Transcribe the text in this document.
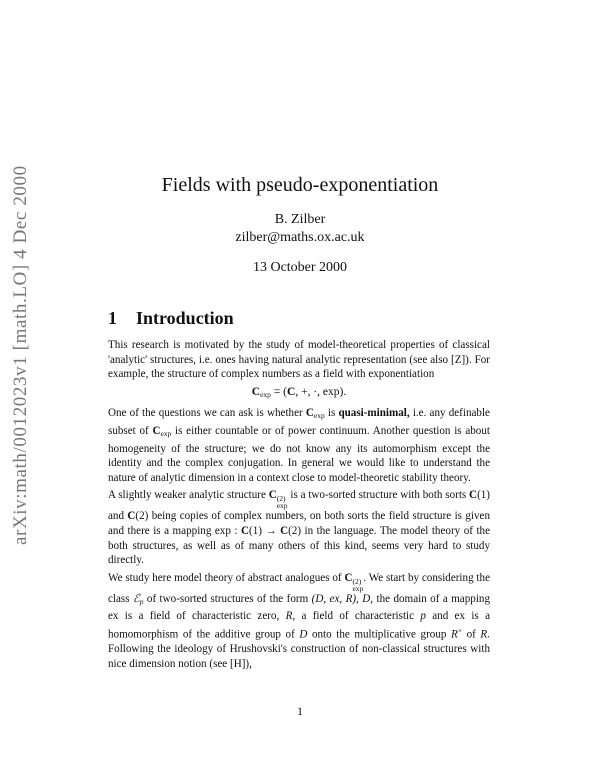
arXiv:math/0012023v1 [math.LO] 4 Dec 2000	Fields with pseudo-exponentiation
B. Zilber
zilber@maths.ox.ac.uk
13 October 2000
1 Introduction

This research is motivated by the study of model-theoretical properties of classical 'analytic' structures, i.e. ones having natural analytic representation (see also [Z]). For example, the structure of complex numbers as a field with exponentiation

$C_{exp} = (C$, +, ·, exp).

One of the questions we can ask is whether $C_{exp}$ is quasi-minimal, i.e. any definable subset of $C_{exp}$ is either countable or of power continuum. Another question is about homogeneity of the structure; we do not know any its automorphism except the identity and the complex conjugation. In general we would like to understand the nature of analytic dimension in a context close to model-theoretic stability theory.

A slightly weaker analytic structure C (2)
exp
is a two-sorted structure with both sorts C(1) and C(2) being copies of complex numbers, on both sorts the field structure is given and there is a mapping exp : C(1) → C(2) in the language. The model theory of the both structures, as well as of many others of this kind, seems very hard to study directly.

We study here model theory of abstract analogues of C (2)
exp
. We start by considering the class ℰ$_p$ of two-sorted structures of the form (D, ex, R), D, the domain of a mapping ex is a field of characteristic zero, R, a field of characteristic p and ex is a homomorphism of the additive group of D onto the multiplicative group R× of R. Following the ideology of Hrushovski's construction of non-classical structures with nice dimension notion (see [H]),

1
